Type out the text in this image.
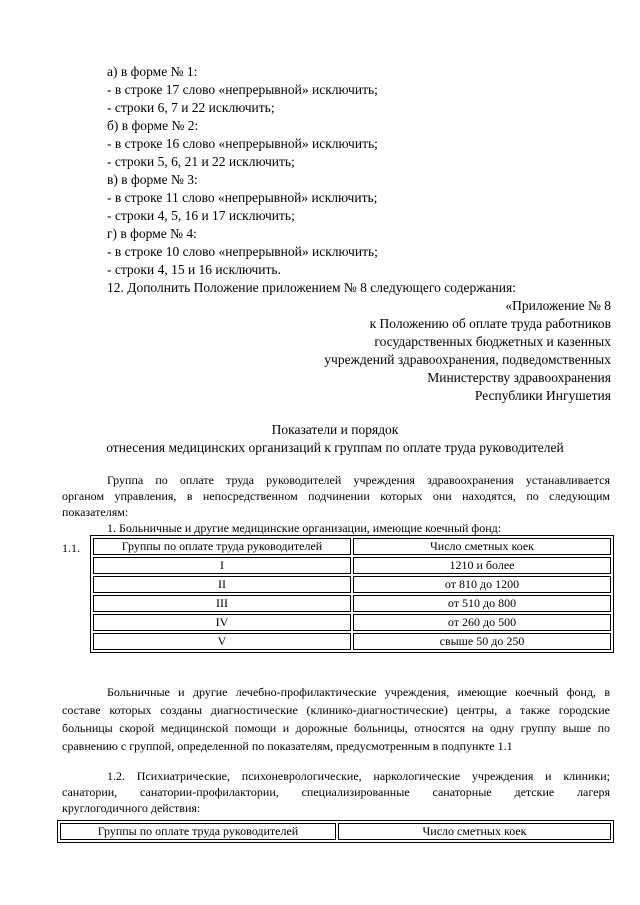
а) в форме № 1:
- в строке 17 слово «непрерывной» исключить;
- строки 6, 7 и 22 исключить;
б) в форме № 2:
- в строке 16 слово «непрерывной» исключить;
- строки 5, 6, 21 и 22 исключить;
в) в форме № 3:
- в строке 11 слово «непрерывной» исключить;
- строки 4, 5, 16 и 17 исключить;
г) в форме № 4:
- в строке 10 слово «непрерывной» исключить;
- строки 4, 15 и 16 исключить.
12. Дополнить Положение приложением № 8 следующего содержания:
«Приложение № 8
к Положению об оплате труда работников
государственных бюджетных и казенных
учреждений здравоохранения, подведомственных
Министерству здравоохранения
Республики Ингушетия
Показатели и порядок
отнесения медицинских организаций к группам по оплате труда руководителей
Группа по оплате труда руководителей учреждения здравоохранения устанавливается
органом управления, в непосредственном подчинении которых они находятся, по следующим
показателям:
1. Больничные и другие медицинские организации, имеющие коечный фонд:
1.1.	Группы по оплате труда руководителей	Число сметных коек
I	1210 и более
II	от 810 до 1200
III	от 510 до 800
IV	от 260 до 500
V	свыше 50 до 250
Больничные и другие лечебно-профилактические учреждения, имеющие коечный фонд, в
составе которых созданы диагностические (клинико-диагностические) центры, а также городские
больницы скорой медицинской помощи и дорожные больницы, относятся на одну группу выше по
сравнению с группой, определенной по показателям, предусмотренным в подпункте 1.1
1.2. Психиатрические, психоневрологические, наркологические учреждения и клиники;
санатории, санатории-профилактории, специализированные санаторные детские лагеря
круглогодичного действия:
Группы по оплате труда руководителей	Число сметных коек
